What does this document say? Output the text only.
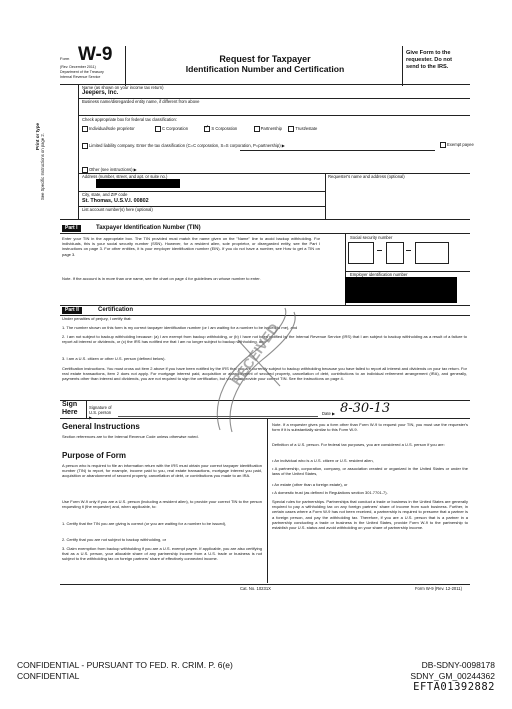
Form W-9
(Rev. December 2011)
Department of the Treasury
Internal Revenue Service
Request for Taxpayer
Identification Number and Certification
Give Form to the
requester. Do not
send to the IRS.
Print or type See Specific Instructions on page 2.
Name (as shown on your income tax return)
Jeepers, Inc.
Business name/disregarded entity name, if different from above
Check appropriate box for federal tax classification:
Individual/sole proprietor	C Corporation ✓	S Corporation	Partnership	Trust/estate
Limited liability company. Enter the tax classification (C=C corporation, S=S corporation, P=partnership) ▶	Exempt payee
Other (see instructions) ▶
Address (number, street, and apt. or suite no.)	Requester's name and address (optional)
City, state, and ZIP code
St. Thomas, U.S.V.I. 00802
List account number(s) here (optional)
Part I	Taxpayer Identification Number (TIN)
Enter your TIN in the appropriate box. The TIN provided must match the name given on the "Name" line to avoid backup withholding. For individuals, this is your social security number (SSN). However, for a resident alien, sole proprietor, or disregarded entity, see the Part I instructions on page 3. For other entities, it is your employer identification number (EIN). If you do not have a number, see How to get a TIN on page 3.
Note. If the account is in more than one name, see the chart on page 4 for guidelines on whose number to enter.
Social security number
Employer identification number
Part II	Certification
Under penalties of perjury, I certify that:
1. The number shown on this form is my correct taxpayer identification number (or I am waiting for a number to be issued to me), and
2. I am not subject to backup withholding because: (a) I am exempt from backup withholding, or (b) I have not been notified by the Internal Revenue Service (IRS) that I am subject to backup withholding as a result of a failure to report all interest or dividends, or (c) the IRS has notified me that I am no longer subject to backup withholding, and
3. I am a U.S. citizen or other U.S. person (defined below).
Certification instructions. You must cross out item 2 above if you have been notified by the IRS that you are currently subject to backup withholding because you have failed to report all interest and dividends on your tax return. For real estate transactions, item 2 does not apply. For mortgage interest paid, acquisition or abandonment of secured property, cancellation of debt, contributions to an individual retirement arrangement (IRA), and generally, payments other than interest and dividends, you are not required to sign the certification, but you must provide your correct TIN. See the instructions on page 4.
Sign
Here
Signature of U.S. person ▶
Date ▶ 8-30-13
General Instructions
Section references are to the Internal Revenue Code unless otherwise noted.
Purpose of Form
A person who is required to file an information return with the IRS must obtain your correct taxpayer identification number (TIN) to report, for example, income paid to you, real estate transactions, mortgage interest you paid, acquisition or abandonment of secured property, cancellation of debt, or contributions you made to an IRA.
Use Form W-9 only if you are a U.S. person (including a resident alien), to provide your correct TIN to the person requesting it (the requester) and, when applicable, to:
1. Certify that the TIN you are giving is correct (or you are waiting for a number to be issued),
2. Certify that you are not subject to backup withholding, or
3. Claim exemption from backup withholding if you are a U.S. exempt payee. If applicable, you are also certifying that as a U.S. person, your allocable share of any partnership income from a U.S. trade or business is not subject to the withholding tax on foreign partners' share of effectively connected income.
Note. If a requester gives you a form other than Form W-9 to request your TIN, you must use the requester's form if it is substantially similar to this Form W-9.
Definition of a U.S. person. For federal tax purposes, you are considered a U.S. person if you are:
• An individual who is a U.S. citizen or U.S. resident alien,
• A partnership, corporation, company, or association created or organized in the United States or under the laws of the United States,
• An estate (other than a foreign estate), or
• A domestic trust (as defined in Regulations section 301.7701-7).
Special rules for partnerships. Partnerships that conduct a trade or business in the United States are generally required to pay a withholding tax on any foreign partners' share of income from such business. Further, in certain cases where a Form W-9 has not been received, a partnership is required to presume that a partner is a foreign person, and pay the withholding tax. Therefore, if you are a U.S. person that is a partner in a partnership conducting a trade or business in the United States, provide Form W-9 to the partnership to establish your U.S. status and avoid withholding on your share of partnership income.
Cat. No. 10231X	Form W-9 (Rev. 12-2011)
RECEIVED
CONFIDENTIAL - PURSUANT TO FED. R. CRIM. P. 6(e)
CONFIDENTIAL
DB-SDNY-0098178
SDNY_GM_00244362
EFTA01392882
